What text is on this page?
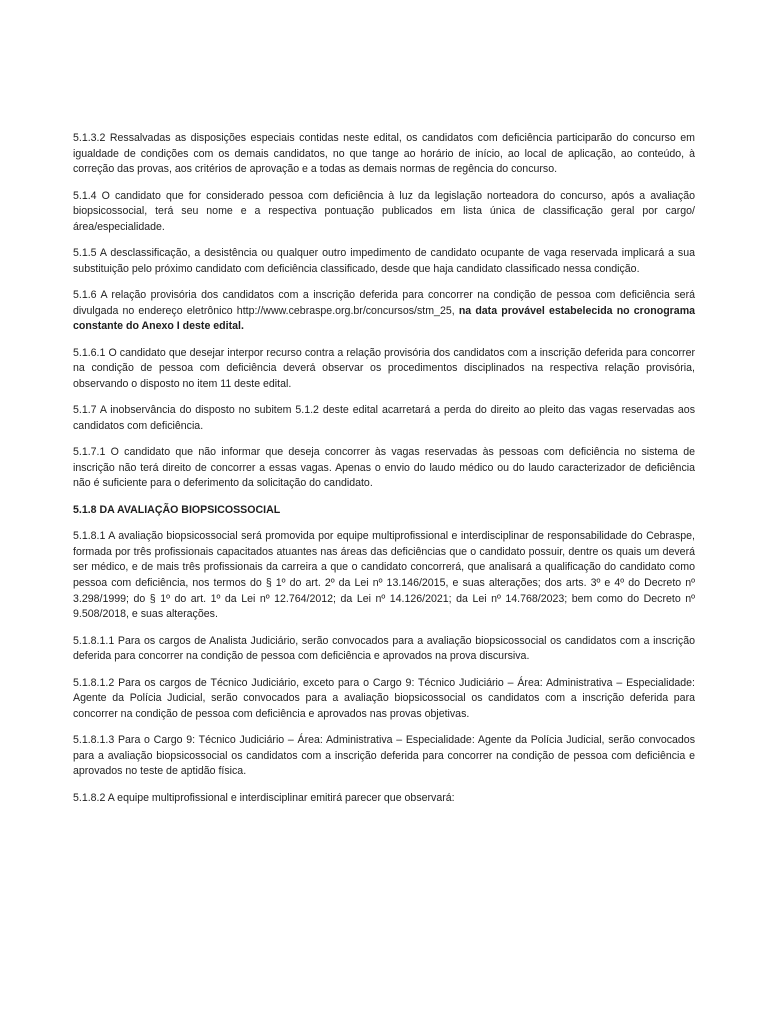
5.1.3.2 Ressalvadas as disposições especiais contidas neste edital, os candidatos com deficiência participarão do concurso em igualdade de condições com os demais candidatos, no que tange ao horário de início, ao local de aplicação, ao conteúdo, à correção das provas, aos critérios de aprovação e a todas as demais normas de regência do concurso.

5.1.4 O candidato que for considerado pessoa com deficiência à luz da legislação norteadora do concurso, após a avaliação biopsicossocial, terá seu nome e a respectiva pontuação publicados em lista única de classificação geral por cargo/área/especialidade.

5.1.5 A desclassificação, a desistência ou qualquer outro impedimento de candidato ocupante de vaga reservada implicará a sua substituição pelo próximo candidato com deficiência classificado, desde que haja candidato classificado nessa condição.

5.1.6 A relação provisória dos candidatos com a inscrição deferida para concorrer na condição de pessoa com deficiência será divulgada no endereço eletrônico http://www.cebraspe.org.br/concursos/stm_25, na data provável estabelecida no cronograma constante do Anexo I deste edital.

5.1.6.1 O candidato que desejar interpor recurso contra a relação provisória dos candidatos com a inscrição deferida para concorrer na condição de pessoa com deficiência deverá observar os procedimentos disciplinados na respectiva relação provisória, observando o disposto no item 11 deste edital.

5.1.7 A inobservância do disposto no subitem 5.1.2 deste edital acarretará a perda do direito ao pleito das vagas reservadas aos candidatos com deficiência.

5.1.7.1 O candidato que não informar que deseja concorrer às vagas reservadas às pessoas com deficiência no sistema de inscrição não terá direito de concorrer a essas vagas. Apenas o envio do laudo médico ou do laudo caracterizador de deficiência não é suficiente para o deferimento da solicitação do candidato.

5.1.8 DA AVALIAÇÃO BIOPSICOSSOCIAL

5.1.8.1 A avaliação biopsicossocial será promovida por equipe multiprofissional e interdisciplinar de responsabilidade do Cebraspe, formada por três profissionais capacitados atuantes nas áreas das deficiências que o candidato possuir, dentre os quais um deverá ser médico, e de mais três profissionais da carreira a que o candidato concorrerá, que analisará a qualificação do candidato como pessoa com deficiência, nos termos do § 1º do art. 2º da Lei nº 13.146/2015, e suas alterações; dos arts. 3º e 4º do Decreto nº 3.298/1999; do § 1º do art. 1º da Lei nº 12.764/2012; da Lei nº 14.126/2021; da Lei nº 14.768/2023; bem como do Decreto nº 9.508/2018, e suas alterações.

5.1.8.1.1 Para os cargos de Analista Judiciário, serão convocados para a avaliação biopsicossocial os candidatos com a inscrição deferida para concorrer na condição de pessoa com deficiência e aprovados na prova discursiva.

5.1.8.1.2 Para os cargos de Técnico Judiciário, exceto para o Cargo 9: Técnico Judiciário – Área: Administrativa – Especialidade: Agente da Polícia Judicial, serão convocados para a avaliação biopsicossocial os candidatos com a inscrição deferida para concorrer na condição de pessoa com deficiência e aprovados nas provas objetivas.

5.1.8.1.3 Para o Cargo 9: Técnico Judiciário – Área: Administrativa – Especialidade: Agente da Polícia Judicial, serão convocados para a avaliação biopsicossocial os candidatos com a inscrição deferida para concorrer na condição de pessoa com deficiência e aprovados no teste de aptidão física.

5.1.8.2 A equipe multiprofissional e interdisciplinar emitirá parecer que observará:
